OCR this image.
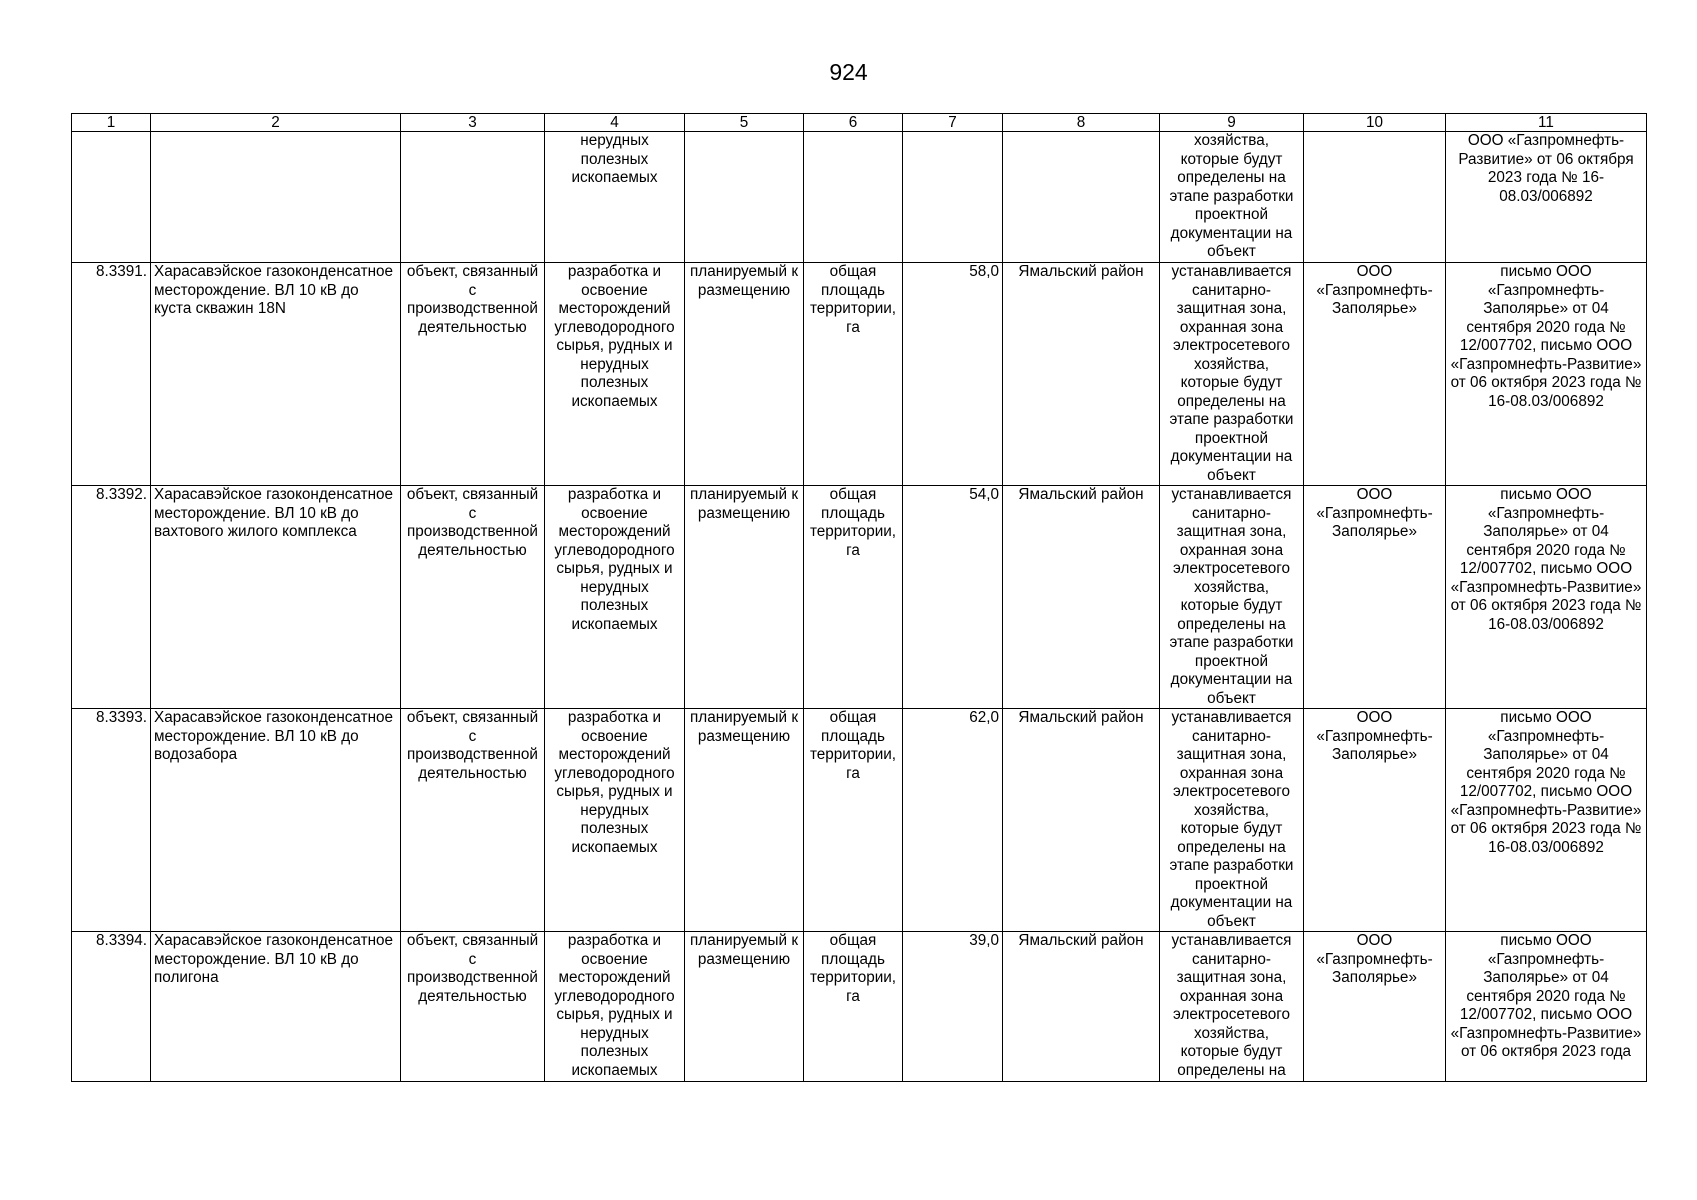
924
1	2	3	4	5	6	7	8	9	10	11
			нерудных полезных ископаемых					хозяйства, которые будут определены на этапе разработки проектной документации на объект		ООО «Газпромнефть-Развитие» от 06 октября 2023 года № 16-08.03/006892
8.3391.	Харасавэйское газоконденсатное месторождение. ВЛ 10 кВ до куста скважин 18N	объект, связанный с производственной деятельностью	разработка и освоение месторождений углеводородного сырья, рудных и нерудных полезных ископаемых	планируемый к размещению	общая площадь территории, га	58,0	Ямальский район	устанавливается санитарно-защитная зона, охранная зона электросетевого хозяйства, которые будут определены на этапе разработки проектной документации на объект	ООО «Газпромнефть-Заполярье»	письмо ООО «Газпромнефть-Заполярье» от 04 сентября 2020 года № 12/007702, письмо ООО «Газпромнефть-Развитие» от 06 октября 2023 года № 16-08.03/006892
8.3392.	Харасавэйское газоконденсатное месторождение. ВЛ 10 кВ до вахтового жилого комплекса	объект, связанный с производственной деятельностью	разработка и освоение месторождений углеводородного сырья, рудных и нерудных полезных ископаемых	планируемый к размещению	общая площадь территории, га	54,0	Ямальский район	устанавливается санитарно-защитная зона, охранная зона электросетевого хозяйства, которые будут определены на этапе разработки проектной документации на объект	ООО «Газпромнефть-Заполярье»	письмо ООО «Газпромнефть-Заполярье» от 04 сентября 2020 года № 12/007702, письмо ООО «Газпромнефть-Развитие» от 06 октября 2023 года № 16-08.03/006892
8.3393.	Харасавэйское газоконденсатное месторождение. ВЛ 10 кВ до водозабора	объект, связанный с производственной деятельностью	разработка и освоение месторождений углеводородного сырья, рудных и нерудных полезных ископаемых	планируемый к размещению	общая площадь территории, га	62,0	Ямальский район	устанавливается санитарно-защитная зона, охранная зона электросетевого хозяйства, которые будут определены на этапе разработки проектной документации на объект	ООО «Газпромнефть-Заполярье»	письмо ООО «Газпромнефть-Заполярье» от 04 сентября 2020 года № 12/007702, письмо ООО «Газпромнефть-Развитие» от 06 октября 2023 года № 16-08.03/006892
8.3394.	Харасавэйское газоконденсатное месторождение. ВЛ 10 кВ до полигона	объект, связанный с производственной деятельностью	разработка и освоение месторождений углеводородного сырья, рудных и нерудных полезных ископаемых	планируемый к размещению	общая площадь территории, га	39,0	Ямальский район	устанавливается санитарно-защитная зона, охранная зона электросетевого хозяйства, которые будут определены на	ООО «Газпромнефть-Заполярье»	письмо ООО «Газпромнефть-Заполярье» от 04 сентября 2020 года № 12/007702, письмо ООО «Газпромнефть-Развитие» от 06 октября 2023 года
